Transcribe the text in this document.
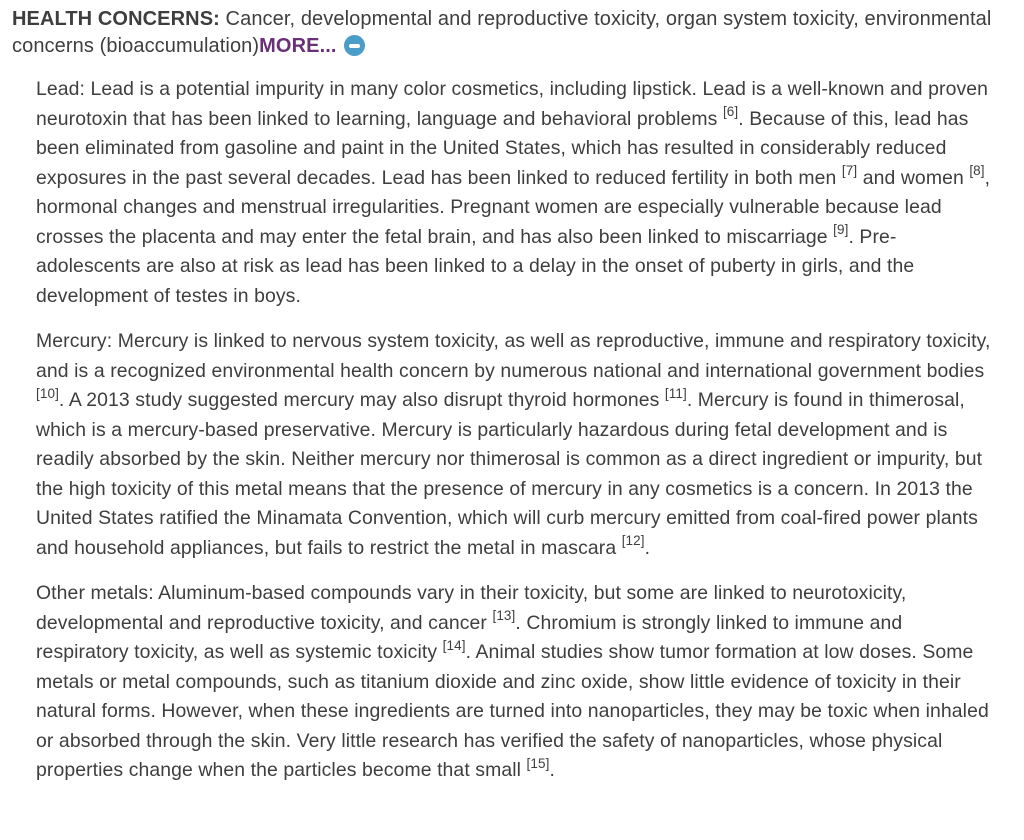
HEALTH CONCERNS: Cancer, developmental and reproductive toxicity, organ system toxicity, environmental concerns (bioaccumulation)MORE...

Lead: Lead is a potential impurity in many color cosmetics, including lipstick. Lead is a well-known and proven neurotoxin that has been linked to learning, language and behavioral problems [6]. Because of this, lead has been eliminated from gasoline and paint in the United States, which has resulted in considerably reduced exposures in the past several decades. Lead has been linked to reduced fertility in both men [7] and women [8], hormonal changes and menstrual irregularities. Pregnant women are especially vulnerable because lead crosses the placenta and may enter the fetal brain, and has also been linked to miscarriage [9]. Pre-adolescents are also at risk as lead has been linked to a delay in the onset of puberty in girls, and the development of testes in boys.

Mercury: Mercury is linked to nervous system toxicity, as well as reproductive, immune and respiratory toxicity, and is a recognized environmental health concern by numerous national and international government bodies [10]. A 2013 study suggested mercury may also disrupt thyroid hormones [11]. Mercury is found in thimerosal, which is a mercury-based preservative. Mercury is particularly hazardous during fetal development and is readily absorbed by the skin. Neither mercury nor thimerosal is common as a direct ingredient or impurity, but the high toxicity of this metal means that the presence of mercury in any cosmetics is a concern. In 2013 the United States ratified the Minamata Convention, which will curb mercury emitted from coal-fired power plants and household appliances, but fails to restrict the metal in mascara [12].

Other metals: Aluminum-based compounds vary in their toxicity, but some are linked to neurotoxicity, developmental and reproductive toxicity, and cancer [13]. Chromium is strongly linked to immune and respiratory toxicity, as well as systemic toxicity [14]. Animal studies show tumor formation at low doses. Some metals or metal compounds, such as titanium dioxide and zinc oxide, show little evidence of toxicity in their natural forms. However, when these ingredients are turned into nanoparticles, they may be toxic when inhaled or absorbed through the skin. Very little research has verified the safety of nanoparticles, whose physical properties change when the particles become that small [15].
